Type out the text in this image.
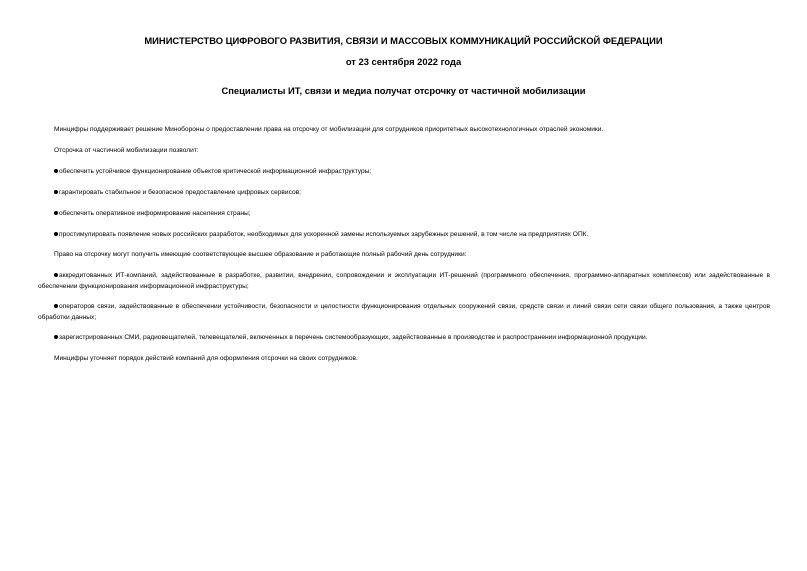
МИНИСТЕРСТВО ЦИФРОВОГО РАЗВИТИЯ, СВЯЗИ И МАССОВЫХ КОММУНИКАЦИЙ РОССИЙСКОЙ ФЕДЕРАЦИИ
от 23 сентября 2022 года
Специалисты ИТ, связи и медиа получат отсрочку от частичной мобилизации

Минцифры поддерживает решение Минобороны о предоставлении права на отсрочку от мобилизации для сотрудников приоритетных высокотехнологичных отраслей экономики.

Отсрочка от частичной мобилизации позволит:

обеспечить устойчивое функционирование объектов критической информационной инфраструктуры;

гарантировать стабильное и безопасное предоставление цифровых сервисов;

обеспечить оперативное информирование населения страны;

простимулировать появление новых российских разработок, необходимых для ускоренной замены используемых зарубежных решений, в том числе на предприятиях ОПК.

Право на отсрочку могут получить имеющие соответствующее высшее образование и работающие полный рабочий день сотрудники:

аккредитованных ИТ-компаний, задействованные в разработке, развитии, внедрении, сопровождении и эксплуатации ИТ-решений (программного обеспечения, программно-аппаратных комплексов) или задействованные в обеспечении функционирования информационной инфраструктуры;

операторов связи, задействованные в обеспечении устойчивости, безопасности и целостности функционирования отдельных сооружений связи, средств связи и линий связи сети связи общего пользования, а также центров обработки данных;

зарегистрированных СМИ, радиовещателей, телевещателей, включенных в перечень системообразующих, задействованные в производстве и распространении информационной продукции.

Минцифры уточняет порядок действий компаний для оформления отсрочки на своих сотрудников.
